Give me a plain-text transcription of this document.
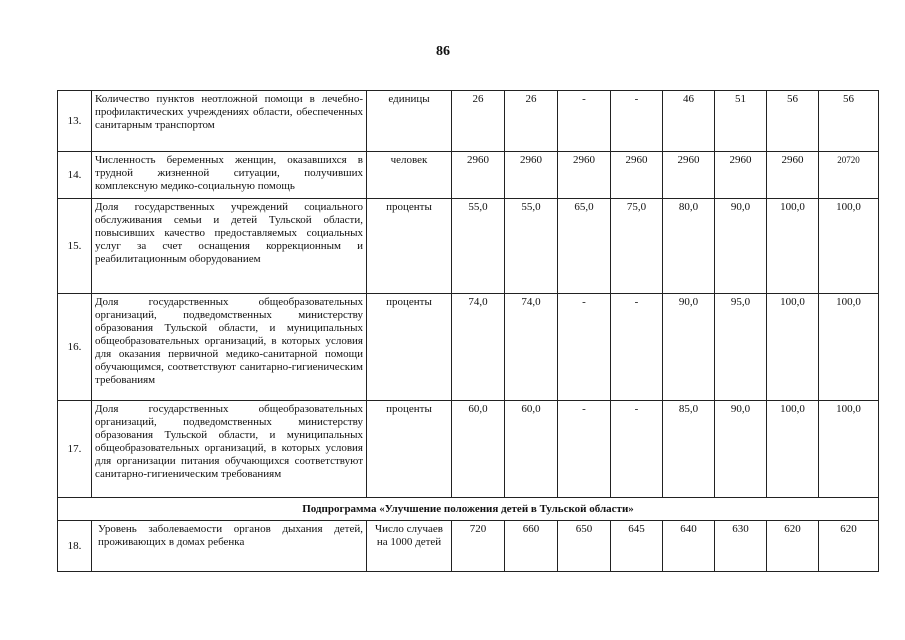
86
13.	Количество пунктов неотложной помощи в лечебно-профилактических учреждениях области, обеспеченных санитарным транспортом	единицы	26	26	-	-	46	51	56	56
14.	Численность беременных женщин, оказавшихся в трудной жизненной ситуации, получивших комплексную медико-социальную помощь	человек	2960	2960	2960	2960	2960	2960	2960	20720
15.	Доля государственных учреждений социального обслуживания семьи и детей Тульской области, повысивших качество предоставляемых социальных услуг за счет оснащения коррекционным и реабилитационным оборудованием	проценты	55,0	55,0	65,0	75,0	80,0	90,0	100,0	100,0
16.	Доля государственных общеобразовательных организаций, подведомственных министерству образования Тульской области, и муниципальных общеобразовательных организаций, в которых условия для оказания первичной медико-санитарной помощи обучающимся, соответствуют санитарно-гигиеническим требованиям	проценты	74,0	74,0	-	-	90,0	95,0	100,0	100,0
17.	Доля государственных общеобразовательных организаций, подведомственных министерству образования Тульской области, и муниципальных общеобразовательных организаций, в которых условия для организации питания обучающихся соответствуют санитарно-гигиеническим требованиям	проценты	60,0	60,0	-	-	85,0	90,0	100,0	100,0
Подпрограмма «Улучшение положения детей в Тульской области»										
18.	Уровень заболеваемости органов дыхания детей, проживающих в домах ребенка	Число случаев на 1000 детей	720	660	650	645	640	630	620	620
